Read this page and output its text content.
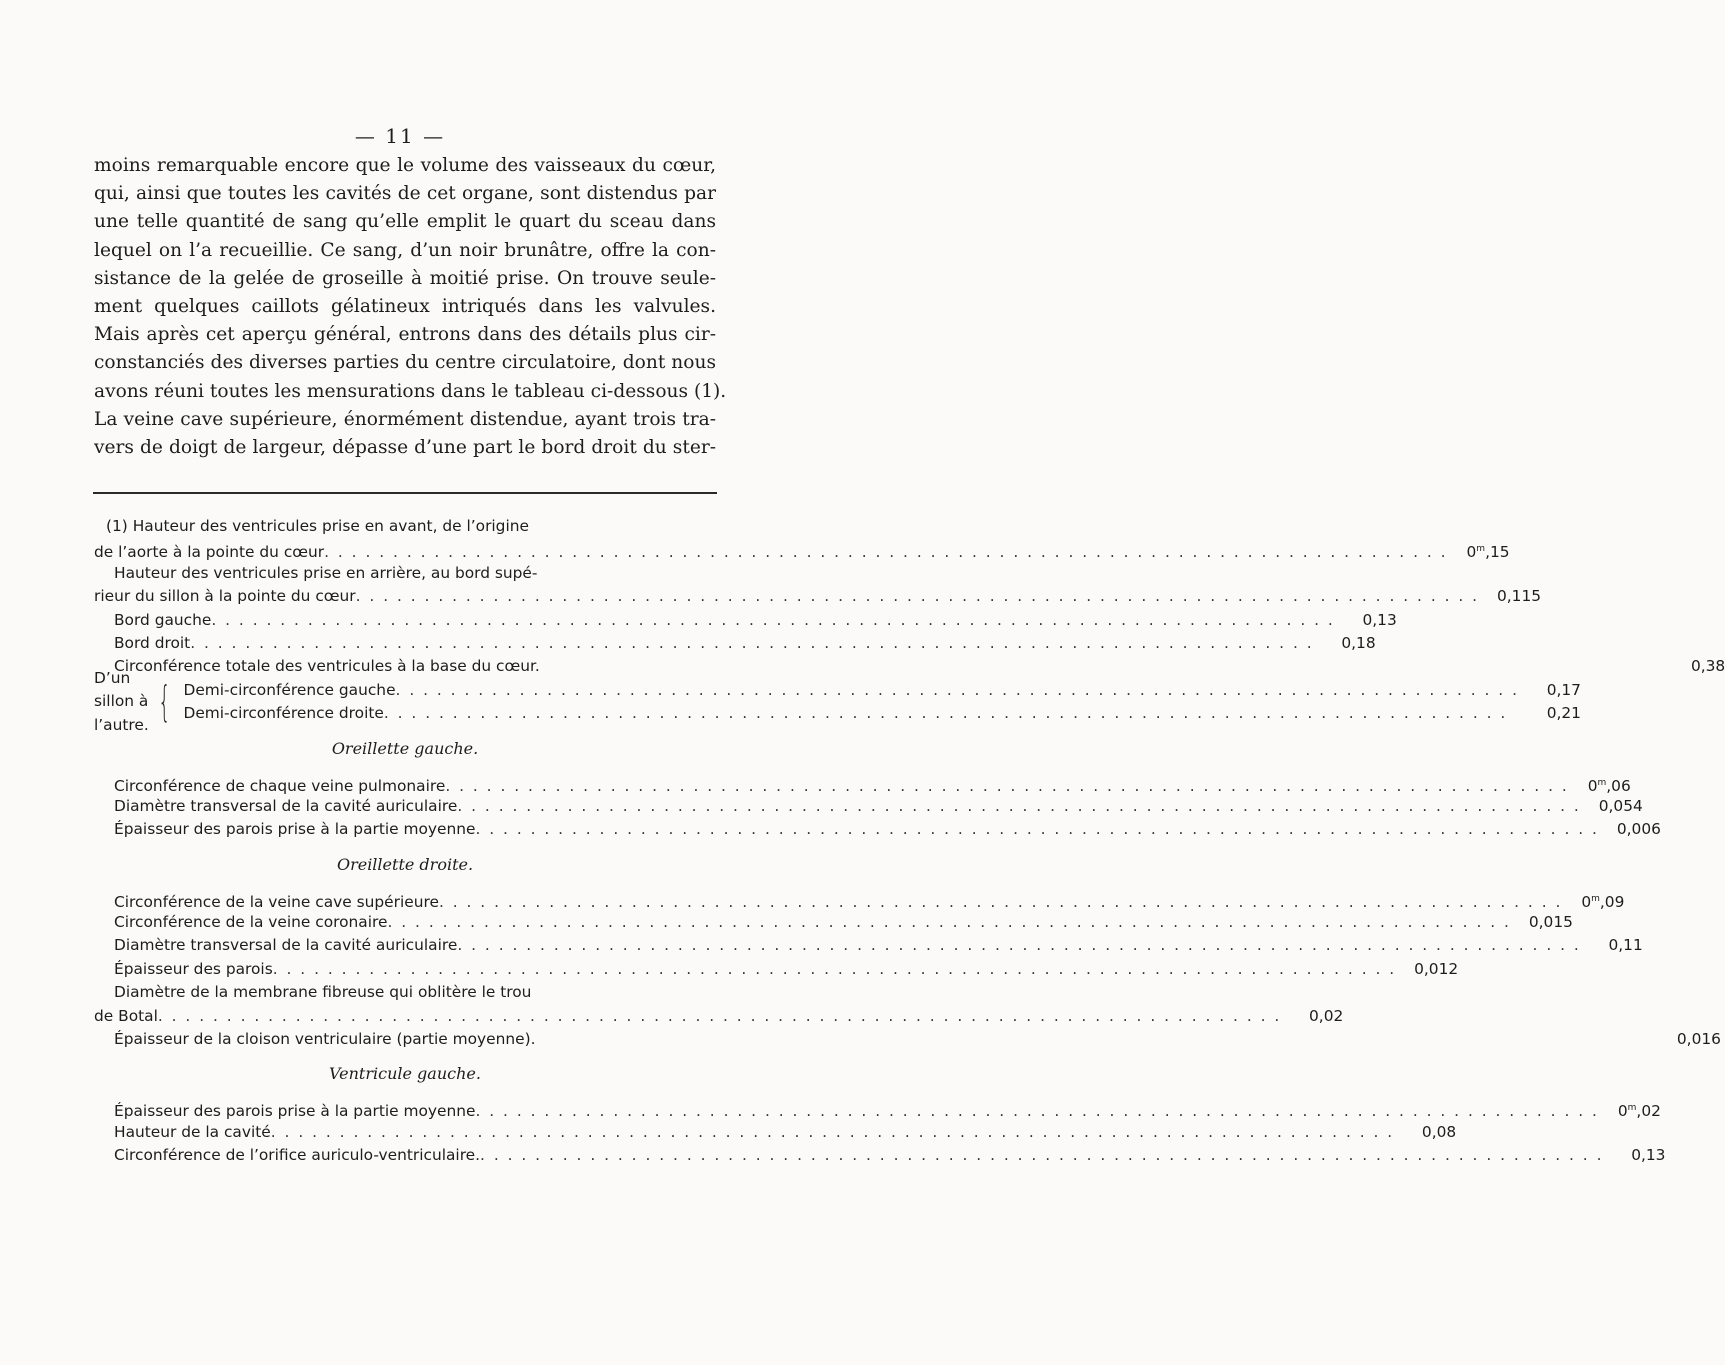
— 11 —

moins remarquable encore que le volume des vaisseaux du cœur,
qui, ainsi que toutes les cavités de cet organe, sont distendus par
une telle quantité de sang qu’elle emplit le quart du sceau dans
lequel on l’a recueillie. Ce sang, d’un noir brunâtre, offre la con-
sistance de la gelée de groseille à moitié prise. On trouve seule-
ment quelques caillots gélatineux intriqués dans les valvules.
Mais après cet aperçu général, entrons dans des détails plus cir-
constanciés des diverses parties du centre circulatoire, dont nous
avons réuni toutes les mensurations dans le tableau ci-dessous (1).
La veine cave supérieure, énormément distendue, ayant trois tra-
vers de doigt de largeur, dépasse d’une part le bord droit du ster-

(1) Hauteur des ventricules prise en avant, de l’origine
de l’aorte à la pointe du cœur . . .	0$^m$,15
Hauteur des ventricules prise en arrière, au bord supé-
rieur du sillon à la pointe du cœur . . .	0,115
Bord gauche . . .	0,13
Bord droit . . .	0,18
Circonférence totale des ventricules à la base du cœur.	0,38
D’un sillon à l’autre. { Demi-circonférence gauche . . .	0,17
Demi-circonférence droite . . .	0,21
Oreillette gauche.
Circonférence de chaque veine pulmonaire . . .	0$^m$,06
Diamètre transversal de la cavité auriculaire . . .	0,054
Épaisseur des parois prise à la partie moyenne . . .	0,006
Oreillette droite.
Circonférence de la veine cave supérieure . . .	0$^m$,09
Circonférence de la veine coronaire . . .	0,015
Diamètre transversal de la cavité auriculaire . . .	0,11
Épaisseur des parois . . .	0,012
Diamètre de la membrane fibreuse qui oblitère le trou
de Botal . . .	0,02
Épaisseur de la cloison ventriculaire (partie moyenne).	0,016
Ventricule gauche.
Épaisseur des parois prise à la partie moyenne . . .	0$^m$,02
Hauteur de la cavité . . .	0,08
Circonférence de l’orifice auriculo-ventriculaire. . . .	0,13
